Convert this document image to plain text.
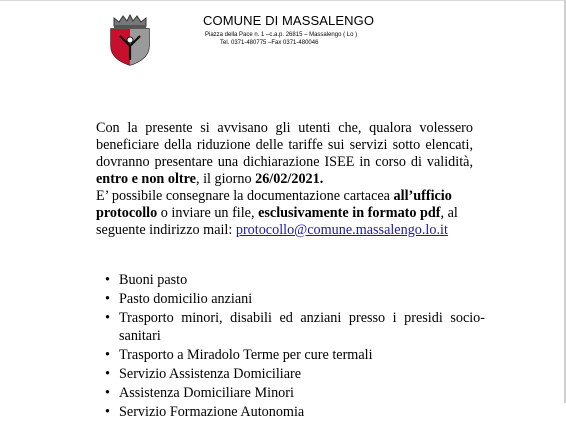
COMUNE DI MASSALENGO
Piazza della Pace n. 1 –c.a.p. 26815 – Massalengo ( Lo )
Tel. 0371-480775 –Fax 0371-480046

Con la presente si avvisano gli utenti che, qualora volessero beneficiare della riduzione delle tariffe sui servizi sotto elencati, dovranno presentare una dichiarazione ISEE in corso di validità, entro e non oltre, il giorno 26/02/2021.

E’ possibile consegnare la documentazione cartacea all’ufficio protocollo o inviare un file, esclusivamente in formato pdf, al seguente indirizzo mail: protocollo@comune.massalengo.lo.it

• Buoni pasto
• Pasto domicilio anziani
• Trasporto minori, disabili ed anziani presso i presidi socio-sanitari
• Trasporto a Miradolo Terme per cure termali
• Servizio Assistenza Domiciliare
• Assistenza Domiciliare Minori
• Servizio Formazione Autonomia
